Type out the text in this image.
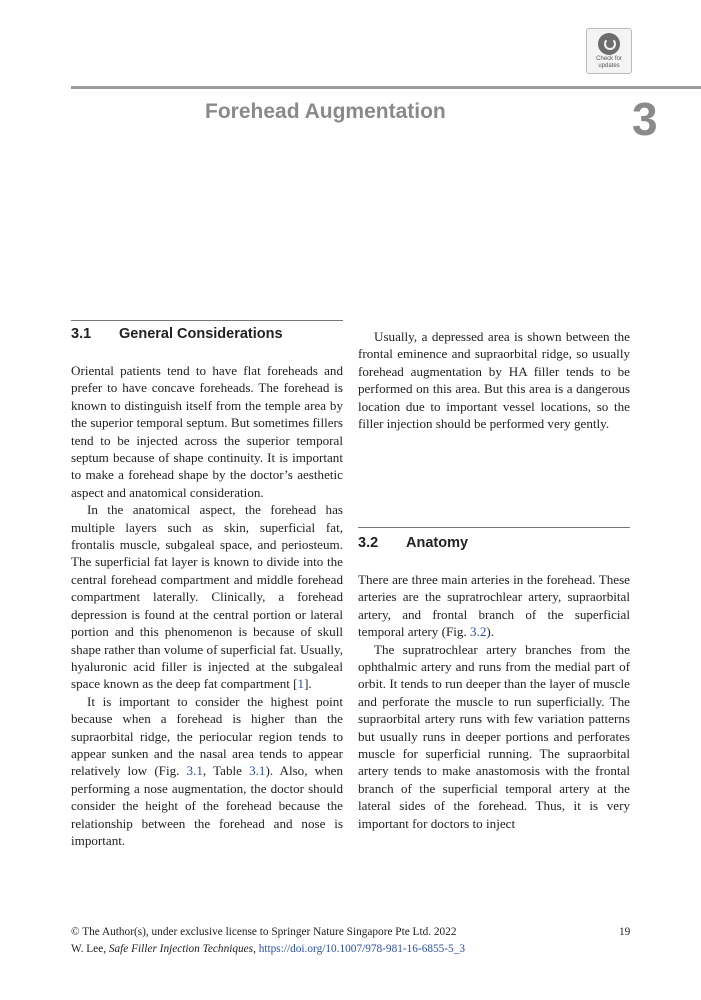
Check for
updates
Forehead Augmentation	3
3.1 General Considerations

Oriental patients tend to have flat foreheads and prefer to have concave foreheads. The forehead is known to distinguish itself from the temple area by the superior temporal septum. But sometimes fillers tend to be injected across the superior temporal septum because of shape continuity. It is important to make a forehead shape by the doctor’s aesthetic aspect and anatomical consideration.

In the anatomical aspect, the forehead has multiple layers such as skin, superficial fat, frontalis muscle, subgaleal space, and periosteum. The superficial fat layer is known to divide into the central forehead compartment and middle forehead compartment laterally. Clinically, a forehead depression is found at the central portion or lateral portion and this phenomenon is because of skull shape rather than volume of superficial fat. Usually, hyaluronic acid filler is injected at the subgaleal space known as the deep fat compartment [1].

It is important to consider the highest point because when a forehead is higher than the supraorbital ridge, the periocular region tends to appear sunken and the nasal area tends to appear relatively low (Fig. 3.1, Table 3.1). Also, when performing a nose augmentation, the doctor should consider the height of the forehead because the relationship between the forehead and nose is important.

Usually, a depressed area is shown between the frontal eminence and supraorbital ridge, so usually forehead augmentation by HA filler tends to be performed on this area. But this area is a dangerous location due to important vessel locations, so the filler injection should be performed very gently.

3.2 Anatomy

There are three main arteries in the forehead. These arteries are the supratrochlear artery, supraorbital artery, and frontal branch of the superficial temporal artery (Fig. 3.2).

The supratrochlear artery branches from the ophthalmic artery and runs from the medial part of orbit. It tends to run deeper than the layer of muscle and perforate the muscle to run superficially. The supraorbital artery runs with few variation patterns but usually runs in deeper portions and perforates muscle for superficial running. The supraorbital artery tends to make anastomosis with the frontal branch of the superficial temporal artery at the lateral sides of the forehead. Thus, it is very important for doctors to inject

© The Author(s), under exclusive license to Springer Nature Singapore Pte Ltd. 2022
W. Lee, Safe Filler Injection Techniques, https://doi.org/10.1007/978-981-16-6855-5_3
19
